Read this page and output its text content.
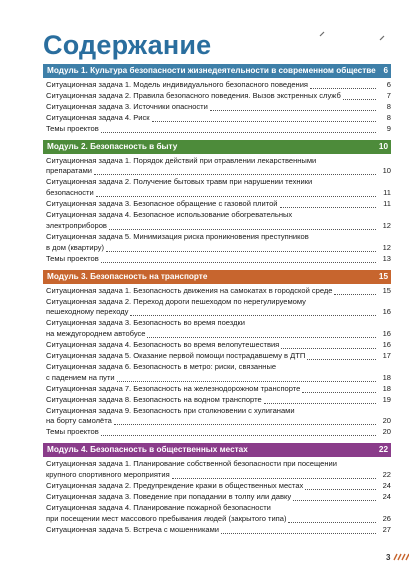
Содержание
Модуль 1. Культура безопасности жизнедеятельности в современном обществе 6
Ситуационная задача 1. Модель индивидуального безопасного поведения	6
Ситуационная задача 2. Правила безопасного поведения. Вызов экстренных служб	7
Ситуационная задача 3. Источники опасности	8
Ситуационная задача 4. Риск	8
Темы проектов	9
Модуль 2. Безопасность в быту	10
Ситуационная задача 1. Порядок действий при отравлении лекарственными
препаратами	10
Ситуационная задача 2. Получение бытовых травм при нарушении техники
безопасности	11
Ситуационная задача 3. Безопасное обращение с газовой плитой	11
Ситуационная задача 4. Безопасное использование обогревательных
электроприборов	12
Ситуационная задача 5. Минимизация риска проникновения преступников
в дом (квартиру)	12
Темы проектов	13
Модуль 3. Безопасность на транспорте	15
Ситуационная задача 1. Безопасность движения на самокатах в городской среде	15
Ситуационная задача 2. Переход дороги пешеходом по нерегулируемому
пешеходному переходу	16
Ситуационная задача 3. Безопасность во время поездки
на междугороднем автобусе	16
Ситуационная задача 4. Безопасность во время велопутешествия	16
Ситуационная задача 5. Оказание первой помощи пострадавшему в ДТП	17
Ситуационная задача 6. Безопасность в метро: риски, связанные
с падением на пути	18
Ситуационная задача 7. Безопасность на железнодорожном транспорте	18
Ситуационная задача 8. Безопасность на водном транспорте	19
Ситуационная задача 9. Безопасность при столкновении с хулиганами
на борту самолёта	20
Темы проектов	20
Модуль 4. Безопасность в общественных местах	22
Ситуационная задача 1. Планирование собственной безопасности при посещении
крупного спортивного мероприятия	22
Ситуационная задача 2. Предупреждение кражи в общественных местах	24
Ситуационная задача 3. Поведение при попадании в толпу или давку	24
Ситуационная задача 4. Планирование пожарной безопасности
при посещении мест массового пребывания людей (закрытого типа)	26
Ситуационная задача 5. Встреча с мошенниками	27
3
